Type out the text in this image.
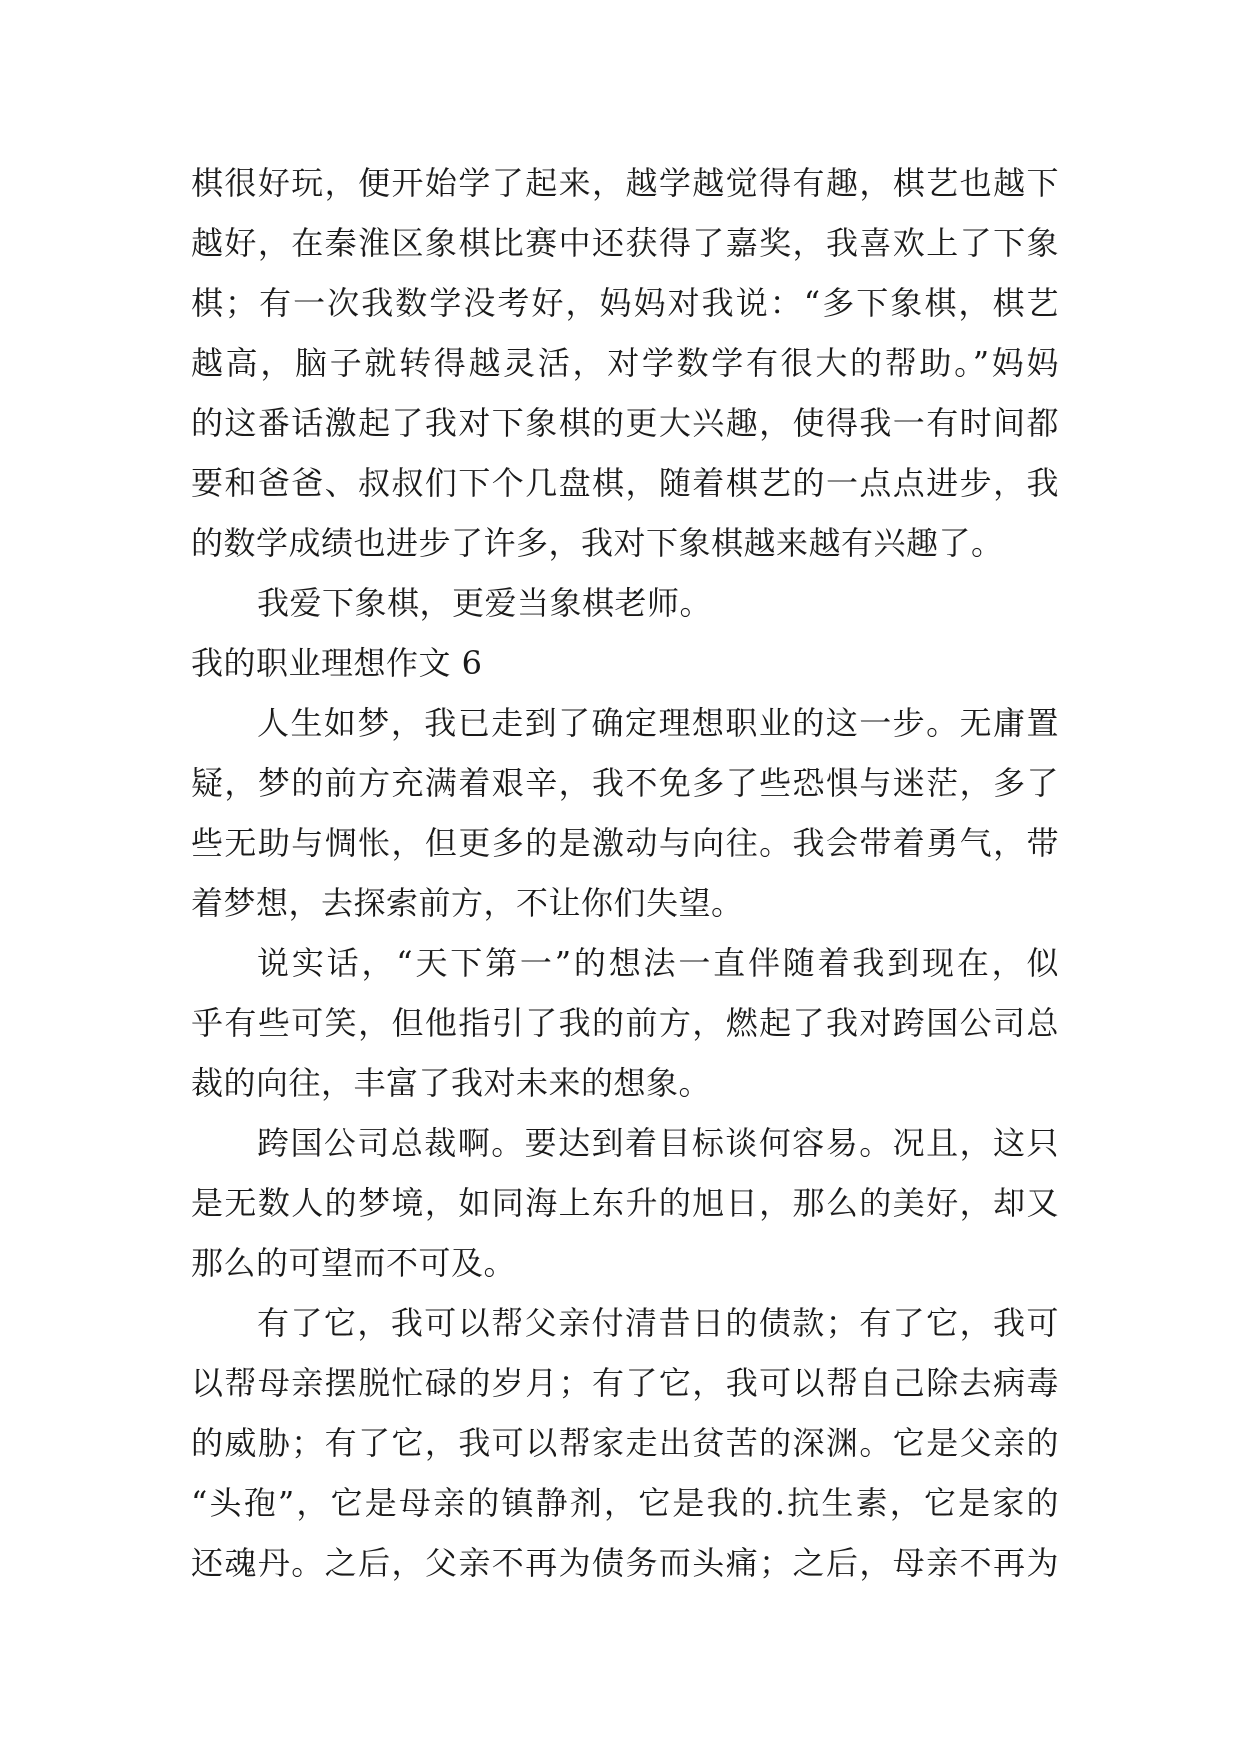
棋很好玩，便开始学了起来，越学越觉得有趣，棋艺也越下
越好，在秦淮区象棋比赛中还获得了嘉奖，我喜欢上了下象
棋；有一次我数学没考好，妈妈对我说：“多下象棋，棋艺
越高，脑子就转得越灵活，对学数学有很大的帮助。”妈妈
的这番话激起了我对下象棋的更大兴趣，使得我一有时间都
要和爸爸、叔叔们下个几盘棋，随着棋艺的一点点进步，我
的数学成绩也进步了许多，我对下象棋越来越有兴趣了。
我爱下象棋，更爱当象棋老师。
我的职业理想作文 6
人生如梦，我已走到了确定理想职业的这一步。无庸置
疑，梦的前方充满着艰辛，我不免多了些恐惧与迷茫，多了
些无助与惆怅，但更多的是激动与向往。我会带着勇气，带
着梦想，去探索前方，不让你们失望。
说实话，“天下第一”的想法一直伴随着我到现在，似
乎有些可笑，但他指引了我的前方，燃起了我对跨国公司总
裁的向往，丰富了我对未来的想象。
跨国公司总裁啊。要达到着目标谈何容易。况且，这只
是无数人的梦境，如同海上东升的旭日，那么的美好，却又
那么的可望而不可及。
有了它，我可以帮父亲付清昔日的债款；有了它，我可
以帮母亲摆脱忙碌的岁月；有了它，我可以帮自己除去病毒
的威胁；有了它，我可以帮家走出贫苦的深渊。它是父亲的
“头孢”，它是母亲的镇静剂，它是我的.抗生素，它是家的
还魂丹。之后，父亲不再为债务而头痛；之后，母亲不再为
